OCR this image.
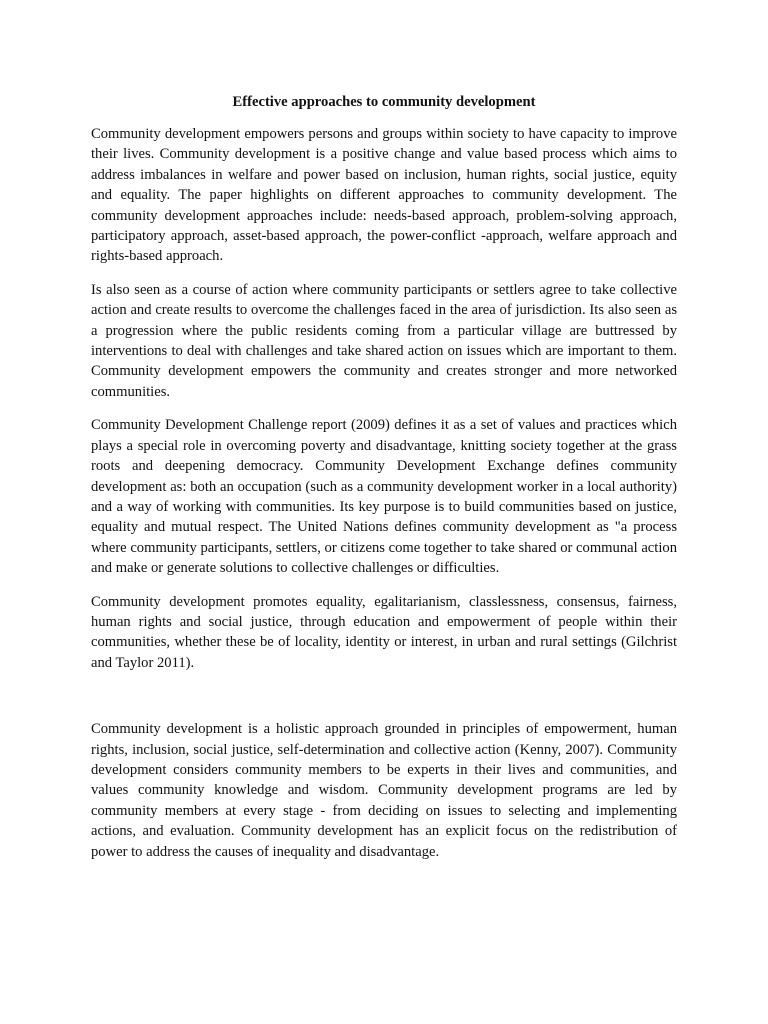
Effective approaches to community development
Community development empowers persons and groups within society to have capacity to improve their lives. Community development is a positive change and value based process which aims to address imbalances in welfare and power based on inclusion, human rights, social justice, equity and equality. The paper highlights on different approaches to community development. The community development approaches include: needs-based approach, problem-solving approach, participatory approach, asset-based approach, the power-conflict -approach, welfare approach and rights-based approach.
Is also seen as a course of action where community participants or settlers agree to take collective action and create results to overcome the challenges faced in the area of jurisdiction. Its also seen as a progression where the public residents coming from a particular village are buttressed by interventions to deal with challenges and take shared action on issues which are important to them. Community development empowers the community and creates stronger and more networked communities.
Community Development Challenge report (2009) defines it as a set of values and practices which plays a special role in overcoming poverty and disadvantage, knitting society together at the grass roots and deepening democracy. Community Development Exchange defines community development as: both an occupation (such as a community development worker in a local authority) and a way of working with communities. Its key purpose is to build communities based on justice, equality and mutual respect. The United Nations defines community development as "a process where community participants, settlers, or citizens come together to take shared or communal action and make or generate solutions to collective challenges or difficulties.
Community development promotes equality, egalitarianism, classlessness, consensus, fairness, human rights and social justice, through education and empowerment of people within their communities, whether these be of locality, identity or interest, in urban and rural settings (Gilchrist and Taylor 2011).
Community development is a holistic approach grounded in principles of empowerment, human rights, inclusion, social justice, self-determination and collective action (Kenny, 2007). Community development considers community members to be experts in their lives and communities, and values community knowledge and wisdom. Community development programs are led by community members at every stage - from deciding on issues to selecting and implementing actions, and evaluation. Community development has an explicit focus on the redistribution of power to address the causes of inequality and disadvantage.
